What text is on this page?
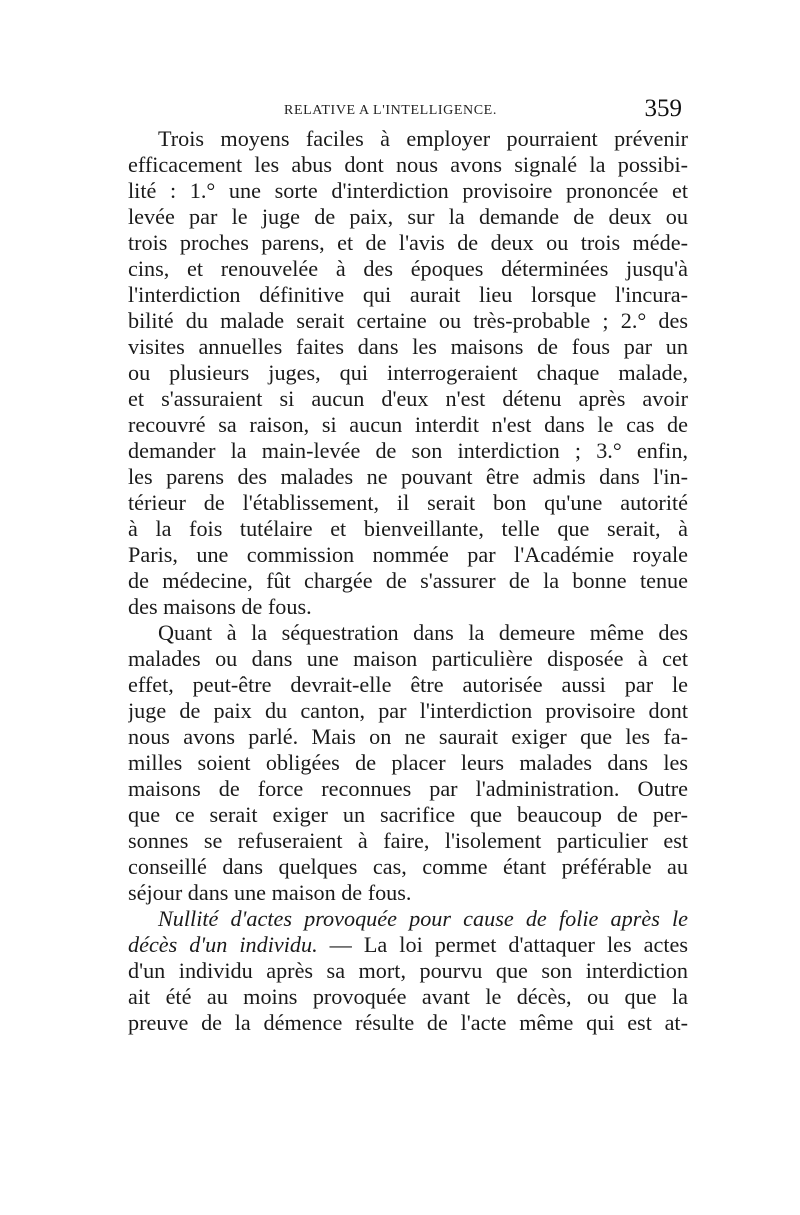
RELATIVE A L'INTELLIGENCE.	359
Trois moyens faciles à employer pourraient prévenir
efficacement les abus dont nous avons signalé la possibi-
lité : 1.° une sorte d'interdiction provisoire prononcée et
levée par le juge de paix, sur la demande de deux ou
trois proches parens, et de l'avis de deux ou trois méde-
cins, et renouvelée à des époques déterminées jusqu'à
l'interdiction définitive qui aurait lieu lorsque l'incura-
bilité du malade serait certaine ou très-probable ; 2.° des
visites annuelles faites dans les maisons de fous par un
ou plusieurs juges, qui interrogeraient chaque malade,
et s'assuraient si aucun d'eux n'est détenu après avoir
recouvré sa raison, si aucun interdit n'est dans le cas de
demander la main-levée de son interdiction ; 3.° enfin,
les parens des malades ne pouvant être admis dans l'in-
térieur de l'établissement, il serait bon qu'une autorité
à la fois tutélaire et bienveillante, telle que serait, à
Paris, une commission nommée par l'Académie royale
de médecine, fût chargée de s'assurer de la bonne tenue
des maisons de fous.
Quant à la séquestration dans la demeure même des
malades ou dans une maison particulière disposée à cet
effet, peut-être devrait-elle être autorisée aussi par le
juge de paix du canton, par l'interdiction provisoire dont
nous avons parlé. Mais on ne saurait exiger que les fa-
milles soient obligées de placer leurs malades dans les
maisons de force reconnues par l'administration. Outre
que ce serait exiger un sacrifice que beaucoup de per-
sonnes se refuseraient à faire, l'isolement particulier est
conseillé dans quelques cas, comme étant préférable au
séjour dans une maison de fous.
Nullité d'actes provoquée pour cause de folie après le
décès d'un individu. — La loi permet d'attaquer les actes
d'un individu après sa mort, pourvu que son interdiction
ait été au moins provoquée avant le décès, ou que la
preuve de la démence résulte de l'acte même qui est at-
